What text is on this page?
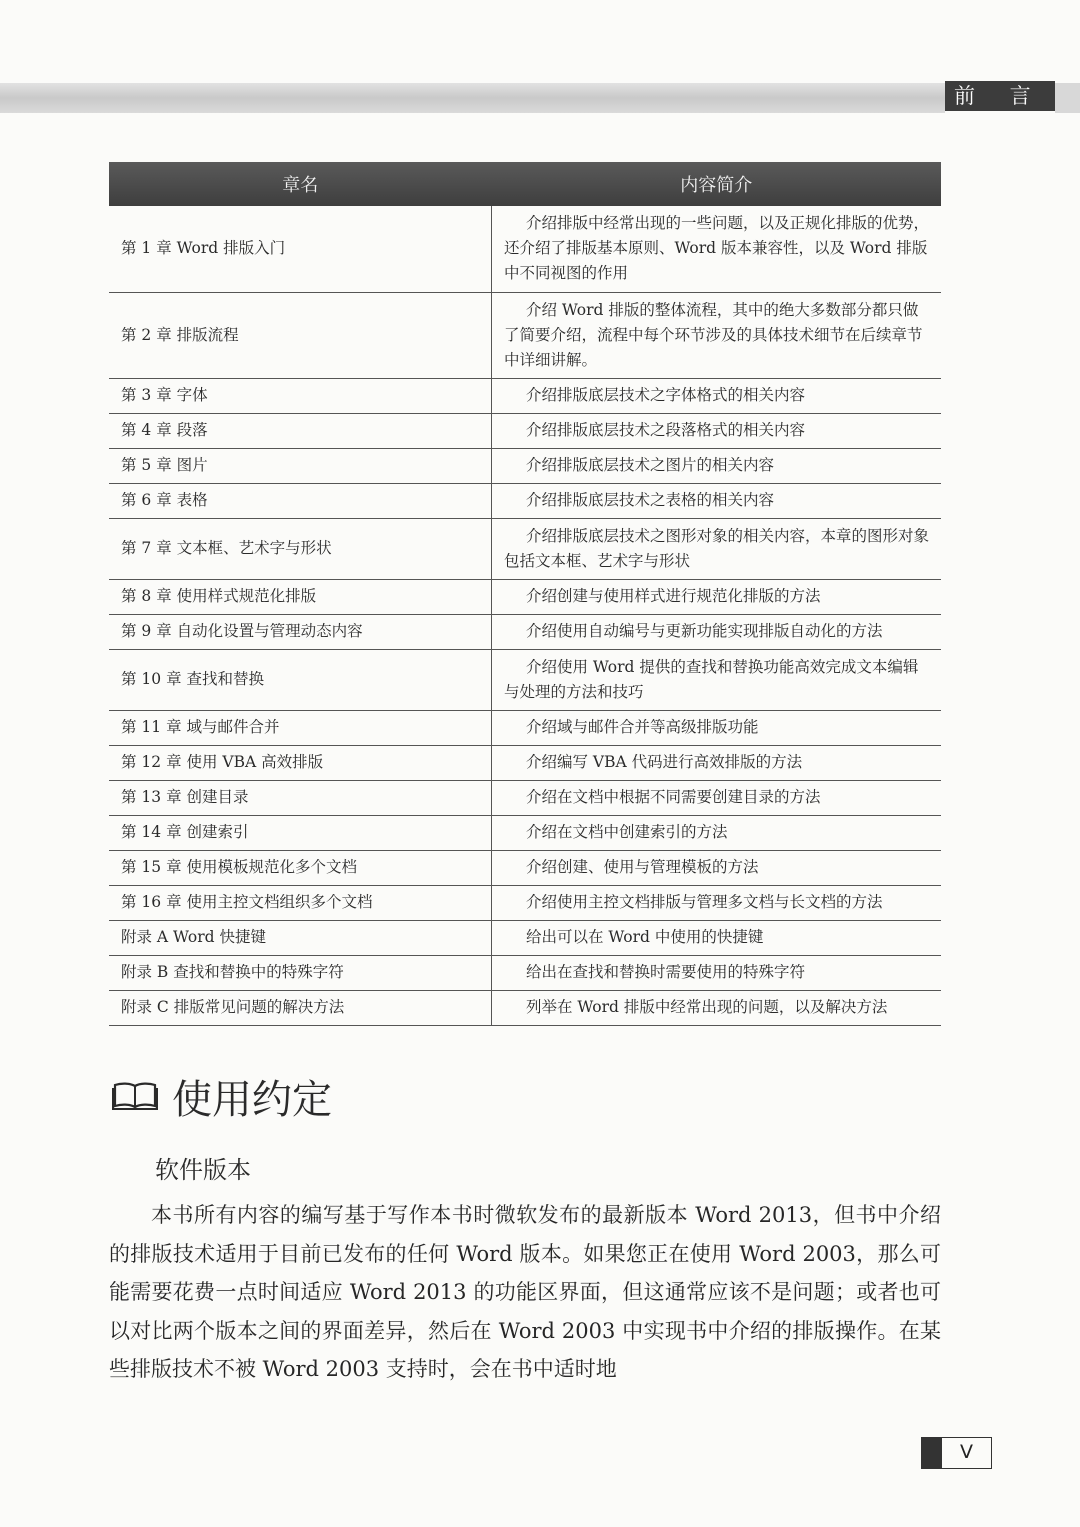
前 言
章名	内容简介
第 1 章 Word 排版入门	介绍排版中经常出现的一些问题，以及正规化排版的优势，还介绍了排版基本原则、Word 版本兼容性，以及 Word 排版中不同视图的作用
第 2 章 排版流程	介绍 Word 排版的整体流程，其中的绝大多数部分都只做了简要介绍，流程中每个环节涉及的具体技术细节在后续章节中详细讲解。
第 3 章 字体	介绍排版底层技术之字体格式的相关内容
第 4 章 段落	介绍排版底层技术之段落格式的相关内容
第 5 章 图片	介绍排版底层技术之图片的相关内容
第 6 章 表格	介绍排版底层技术之表格的相关内容
第 7 章 文本框、艺术字与形状	介绍排版底层技术之图形对象的相关内容，本章的图形对象包括文本框、艺术字与形状
第 8 章 使用样式规范化排版	介绍创建与使用样式进行规范化排版的方法
第 9 章 自动化设置与管理动态内容	介绍使用自动编号与更新功能实现排版自动化的方法
第 10 章 查找和替换	介绍使用 Word 提供的查找和替换功能高效完成文本编辑与处理的方法和技巧
第 11 章 域与邮件合并	介绍域与邮件合并等高级排版功能
第 12 章 使用 VBA 高效排版	介绍编写 VBA 代码进行高效排版的方法
第 13 章 创建目录	介绍在文档中根据不同需要创建目录的方法
第 14 章 创建索引	介绍在文档中创建索引的方法
第 15 章 使用模板规范化多个文档	介绍创建、使用与管理模板的方法
第 16 章 使用主控文档组织多个文档	介绍使用主控文档排版与管理多文档与长文档的方法
附录 A Word 快捷键	给出可以在 Word 中使用的快捷键
附录 B 查找和替换中的特殊字符	给出在查找和替换时需要使用的特殊字符
附录 C 排版常见问题的解决方法	列举在 Word 排版中经常出现的问题，以及解决方法
使用约定
软件版本

本书所有内容的编写基于写作本书时微软发布的最新版本 Word 2013，但书中介绍的排版技术适用于目前已发布的任何 Word 版本。如果您正在使用 Word 2003，那么可能需要花费一点时间适应 Word 2013 的功能区界面，但这通常应该不是问题；或者也可以对比两个版本之间的界面差异，然后在 Word 2003 中实现书中介绍的排版操作。在某些排版技术不被 Word 2003 支持时，会在书中适时地

V
